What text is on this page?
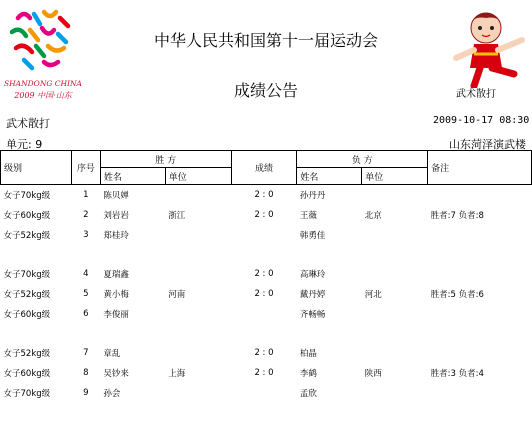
SHANDONG CHINA
2009 中国·山东	武术散打
中华人民共和国第十一届运动会
成绩公告
武术散打	2009-10-17 08:30
单元: 9	山东菏泽演武楼
级别	序号	胜 方		成绩	负 方		备注
		姓名	单位		姓名	单位	
女子70kg级	1	陈贝婵		2 : 0	孙丹丹		
女子60kg级	2	刘岩岩	浙江	2 : 0	王薇	北京	胜者:7 负者:8
女子52kg级	3	郑桂玲			韩勇佳		

女子70kg级	4	夏瑞鑫		2 : 0	高琳玲		
女子52kg级	5	黄小梅	河南	2 : 0	戴丹婷	河北	胜者:5 负者:6
女子60kg级	6	李俊丽			齐畅畅		

女子52kg级	7	章乱		2 : 0	柏晶		
女子60kg级	8	吴钞来	上海	2 : 0	李鹤	陕西	胜者:3 负者:4
女子70kg级	9	孙会			孟欣		
